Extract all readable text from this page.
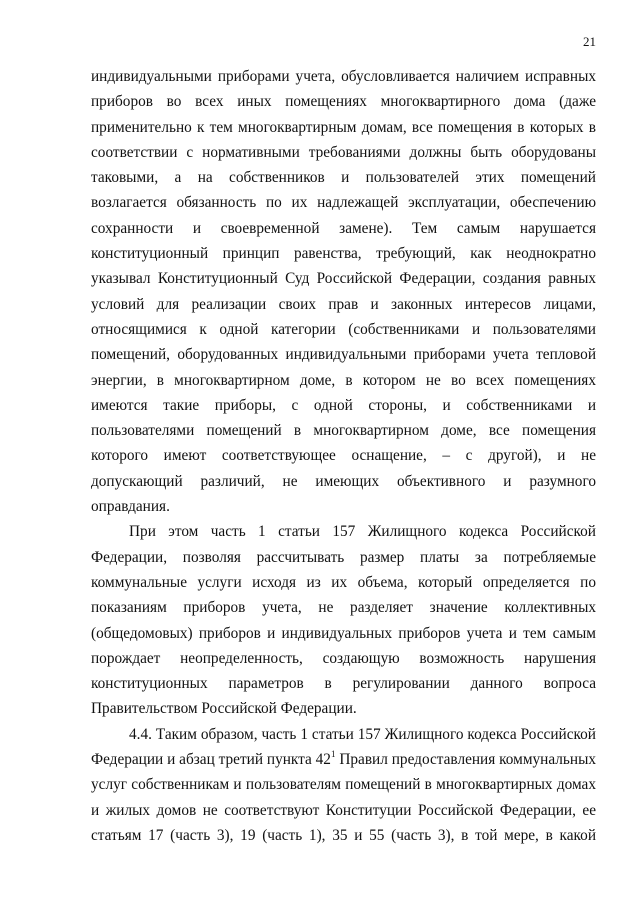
21
индивидуальными приборами учета, обусловливается наличием исправных
приборов во всех иных помещениях многоквартирного дома (даже
применительно к тем многоквартирным домам, все помещения в которых в
соответствии с нормативными требованиями должны быть оборудованы
таковыми, а на собственников и пользователей этих помещений
возлагается обязанность по их надлежащей эксплуатации, обеспечению
сохранности и своевременной замене). Тем самым нарушается
конституционный принцип равенства, требующий, как неоднократно
указывал Конституционный Суд Российской Федерации, создания равных
условий для реализации своих прав и законных интересов лицами,
относящимися к одной категории (собственниками и пользователями
помещений, оборудованных индивидуальными приборами учета тепловой
энергии, в многоквартирном доме, в котором не во всех помещениях
имеются такие приборы, с одной стороны, и собственниками и
пользователями помещений в многоквартирном доме, все помещения
которого имеют соответствующее оснащение, – с другой), и не
допускающий различий, не имеющих объективного и разумного
оправдания.
При этом часть 1 статьи 157 Жилищного кодекса Российской
Федерации, позволяя рассчитывать размер платы за потребляемые
коммунальные услуги исходя из их объема, который определяется по
показаниям приборов учета, не разделяет значение коллективных
(общедомовых) приборов и индивидуальных приборов учета и тем самым
порождает неопределенность, создающую возможность нарушения
конституционных параметров в регулировании данного вопроса
Правительством Российской Федерации.
4.4. Таким образом, часть 1 статьи 157 Жилищного кодекса Российской
Федерации и абзац третий пункта $42^1$ Правил предоставления коммунальных
услуг собственникам и пользователям помещений в многоквартирных домах
и жилых домов не соответствуют Конституции Российской Федерации, ее
статьям 17 (часть 3), 19 (часть 1), 35 и 55 (часть 3), в той мере, в какой
